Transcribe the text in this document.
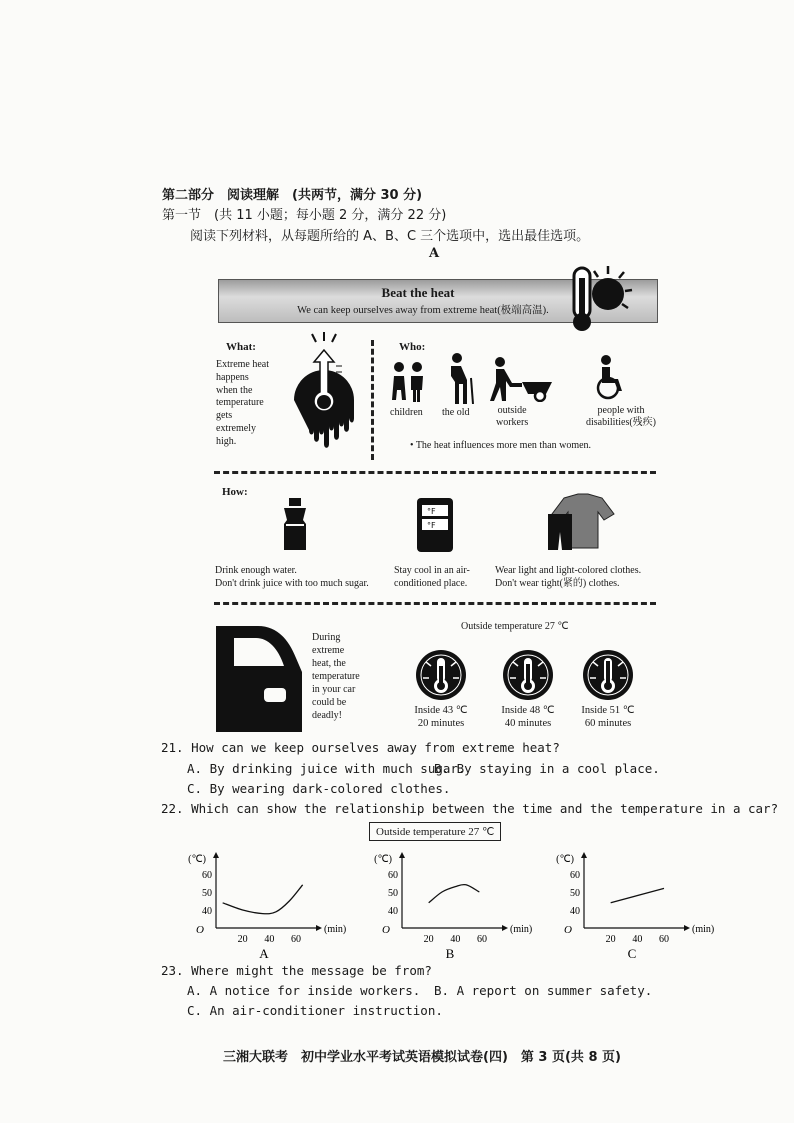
第二部分　阅读理解　(共两节，满分 30 分)
第一节　(共 11 小题；每小题 2 分，满分 22 分)
阅读下列材料，从每题所给的 A、B、C 三个选项中，选出最佳选项。
A
Beat the heat
We can keep ourselves away from extreme heat(极端高温).
What:
Extreme heat
happens
when the
temperature
gets
extremely
high.
Who:
children the old	outside
workers
people with
disabilities(残疾)
• The heat influences more men than women.
How:
Drink enough water.
Don't drink juice with too much sugar.
°F
°F
Stay cool in an air-
conditioned place.
Wear light and light-colored clothes.
Don't wear tight(紧的) clothes.
During
extreme
heat, the
temperature
in your car
could be
deadly!
Outside temperature 27 ℃
Inside 43 ℃
20 minutes
Inside 48 ℃
40 minutes
Inside 51 ℃
60 minutes
21. How can we keep ourselves away from extreme heat?
A. By drinking juice with much sugar.
B. By staying in a cool place.
C. By wearing dark-colored clothes.
22. Which can show the relationship between the time and the temperature in a car?
Outside temperature 27 ℃
(℃)
O
40
50
60
20 40 60
(min)
A
(℃)
O
40
50
60
20 40 60
(min)
B
(℃)
O
40
50
60
20 40 60
(min)
C
23. Where might the message be from?
A. A notice for inside workers. B. A report on summer safety.
C. An air-conditioner instruction.
三湘大联考　初中学业水平考试英语模拟试卷(四)　第 3 页(共 8 页)
